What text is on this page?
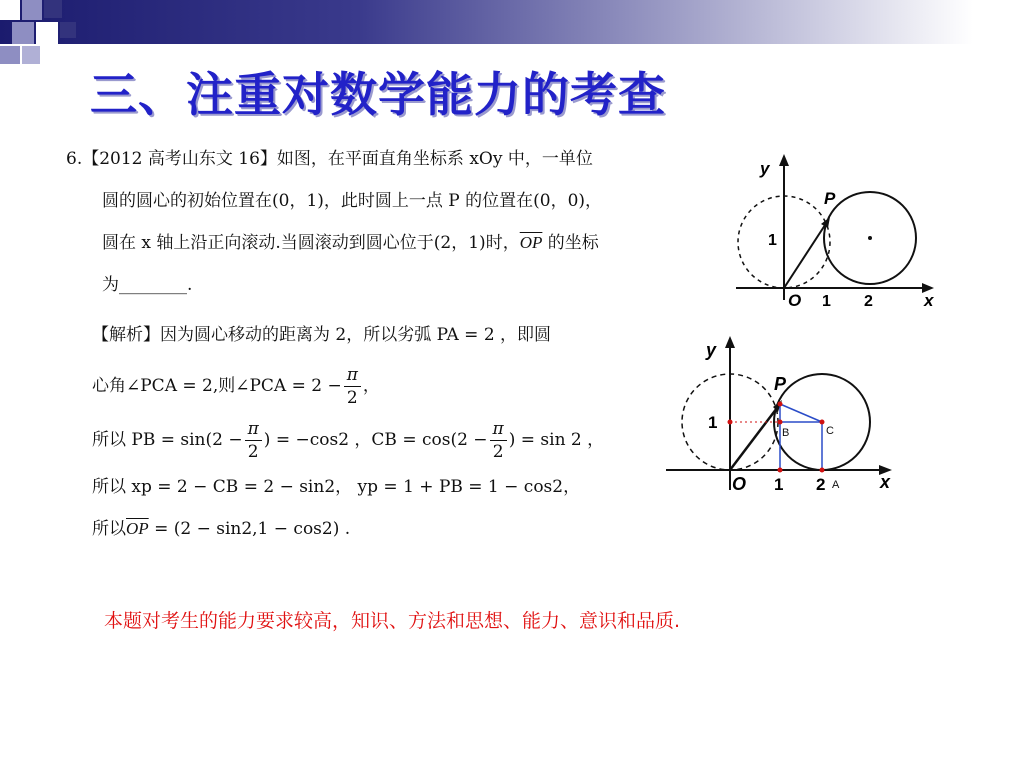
三、注重对数学能力的考查
6.【2012 高考山东文 16】如图，在平面直角坐标系 xOy 中，一单位
圆的圆心的初始位置在(0，1)，此时圆上一点 P 的位置在(0，0)，
圆在 x 轴上沿正向滚动.当圆滚动到圆心位于(2，1)时，$\overline{OP}$ 的坐标
为________.
【解析】因为圆心移动的距离为 2，所以劣弧 PA = 2 ，即圆
心角∠PCA = 2,则∠PCA = $2 - \frac{\pi}{2}$ ，
所以 PB = $\sin(2 - \frac{\pi}{2}$ ) = −cos2 ，CB = $\cos(2 - \frac{\pi}{2}$ ) = sin 2 ，
所以 xp = 2 − CB = 2 − sin2， yp = 1 + PB = 1 − cos2，
所以$\overline{OP} = (2 - \sin 2,1 - \cos 2)$ .
y
x
1
O 1 2
P
y
x
1
O 1 2
P
B	C
A
本题对考生的能力要求较高，知识、方法和思想、能力、意识和品质.
